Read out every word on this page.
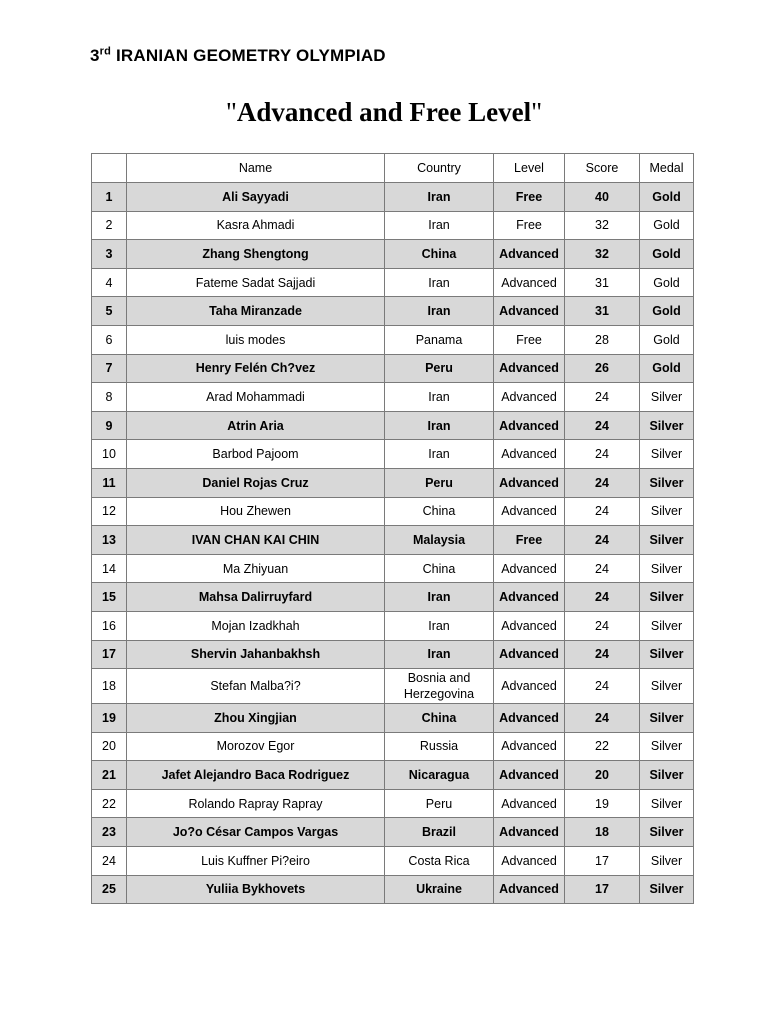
3rd IRANIAN GEOMETRY OLYMPIAD
"Advanced and Free Level"
	Name	Country	Level	Score	Medal
1	Ali Sayyadi	Iran	Free	40	Gold
2	Kasra Ahmadi	Iran	Free	32	Gold
3	Zhang Shengtong	China	Advanced	32	Gold
4	Fateme Sadat Sajjadi	Iran	Advanced	31	Gold
5	Taha Miranzade	Iran	Advanced	31	Gold
6	luis modes	Panama	Free	28	Gold
7	Henry Felén Ch?vez	Peru	Advanced	26	Gold
8	Arad Mohammadi	Iran	Advanced	24	Silver
9	Atrin Aria	Iran	Advanced	24	Silver
10	Barbod Pajoom	Iran	Advanced	24	Silver
11	Daniel Rojas Cruz	Peru	Advanced	24	Silver
12	Hou Zhewen	China	Advanced	24	Silver
13	IVAN CHAN KAI CHIN	Malaysia	Free	24	Silver
14	Ma Zhiyuan	China	Advanced	24	Silver
15	Mahsa Dalirruyfard	Iran	Advanced	24	Silver
16	Mojan Izadkhah	Iran	Advanced	24	Silver
17	Shervin Jahanbakhsh	Iran	Advanced	24	Silver
18	Stefan Malba?i?	Bosnia and Herzegovina	Advanced	24	Silver
19	Zhou Xingjian	China	Advanced	24	Silver
20	Morozov Egor	Russia	Advanced	22	Silver
21	Jafet Alejandro Baca Rodriguez	Nicaragua	Advanced	20	Silver
22	Rolando Rapray Rapray	Peru	Advanced	19	Silver
23	Jo?o César Campos Vargas	Brazil	Advanced	18	Silver
24	Luis Kuffner Pi?eiro	Costa Rica	Advanced	17	Silver
25	Yuliia Bykhovets	Ukraine	Advanced	17	Silver
